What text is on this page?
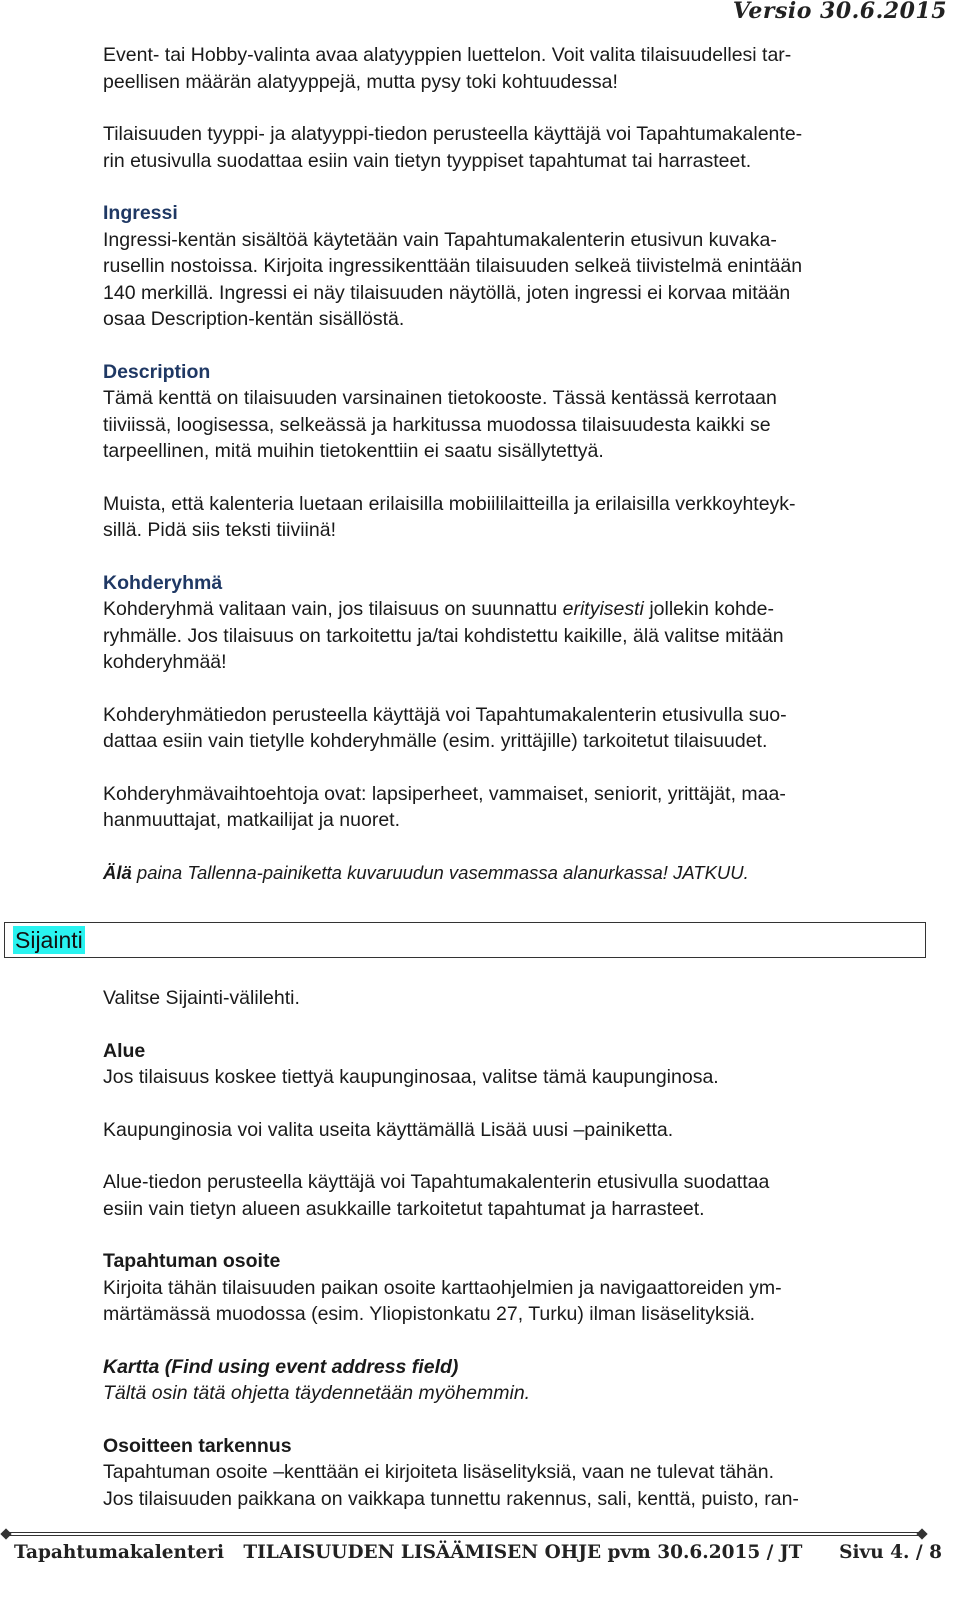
Versio 30.6.2015

Event- tai Hobby-valinta avaa alatyyppien luettelon. Voit valita tilaisuudellesi tar-
peellisen määrän alatyyppejä, mutta pysy toki kohtuudessa!

Tilaisuuden tyyppi- ja alatyyppi-tiedon perusteella käyttäjä voi Tapahtumakalente-
rin etusivulla suodattaa esiin vain tietyn tyyppiset tapahtumat tai harrasteet.

Ingressi
Ingressi-kentän sisältöä käytetään vain Tapahtumakalenterin etusivun kuvaka-
rusellin nostoissa. Kirjoita ingressikenttään tilaisuuden selkeä tiivistelmä enintään
140 merkillä. Ingressi ei näy tilaisuuden näytöllä, joten ingressi ei korvaa mitään
osaa Description-kentän sisällöstä.

Description
Tämä kenttä on tilaisuuden varsinainen tietokooste. Tässä kentässä kerrotaan
tiiviissä, loogisessa, selkeässä ja harkitussa muodossa tilaisuudesta kaikki se
tarpeellinen, mitä muihin tietokenttiin ei saatu sisällytettyä.

Muista, että kalenteria luetaan erilaisilla mobiililaitteilla ja erilaisilla verkkoyhteyk-
sillä. Pidä siis teksti tiiviinä!

Kohderyhmä
Kohderyhmä valitaan vain, jos tilaisuus on suunnattu erityisesti jollekin kohde-
ryhmälle. Jos tilaisuus on tarkoitettu ja/tai kohdistettu kaikille, älä valitse mitään
kohderyhmää!

Kohderyhmätiedon perusteella käyttäjä voi Tapahtumakalenterin etusivulla suo-
dattaa esiin vain tietylle kohderyhmälle (esim. yrittäjille) tarkoitetut tilaisuudet.

Kohderyhmävaihtoehtoja ovat: lapsiperheet, vammaiset, seniorit, yrittäjät, maa-
hanmuuttajat, matkailijat ja nuoret.

Älä paina Tallenna-painiketta kuvaruudun vasemmassa alanurkassa! JATKUU.

Sijainti

Valitse Sijainti-välilehti.

Alue
Jos tilaisuus koskee tiettyä kaupunginosaa, valitse tämä kaupunginosa.

Kaupunginosia voi valita useita käyttämällä Lisää uusi –painiketta.

Alue-tiedon perusteella käyttäjä voi Tapahtumakalenterin etusivulla suodattaa
esiin vain tietyn alueen asukkaille tarkoitetut tapahtumat ja harrasteet.

Tapahtuman osoite
Kirjoita tähän tilaisuuden paikan osoite karttaohjelmien ja navigaattoreiden ym-
märtämässä muodossa (esim. Yliopistonkatu 27, Turku) ilman lisäselityksiä.

Kartta (Find using event address field)
Tältä osin tätä ohjetta täydennetään myöhemmin.

Osoitteen tarkennus
Tapahtuman osoite –kenttään ei kirjoiteta lisäselityksiä, vaan ne tulevat tähän.
Jos tilaisuuden paikkana on vaikkapa tunnettu rakennus, sali, kenttä, puisto, ran-

Tapahtumakalenteri   TILAISUUDEN LISÄÄMISEN OHJE pvm 30.6.2015 / JT Sivu 4. / 8
